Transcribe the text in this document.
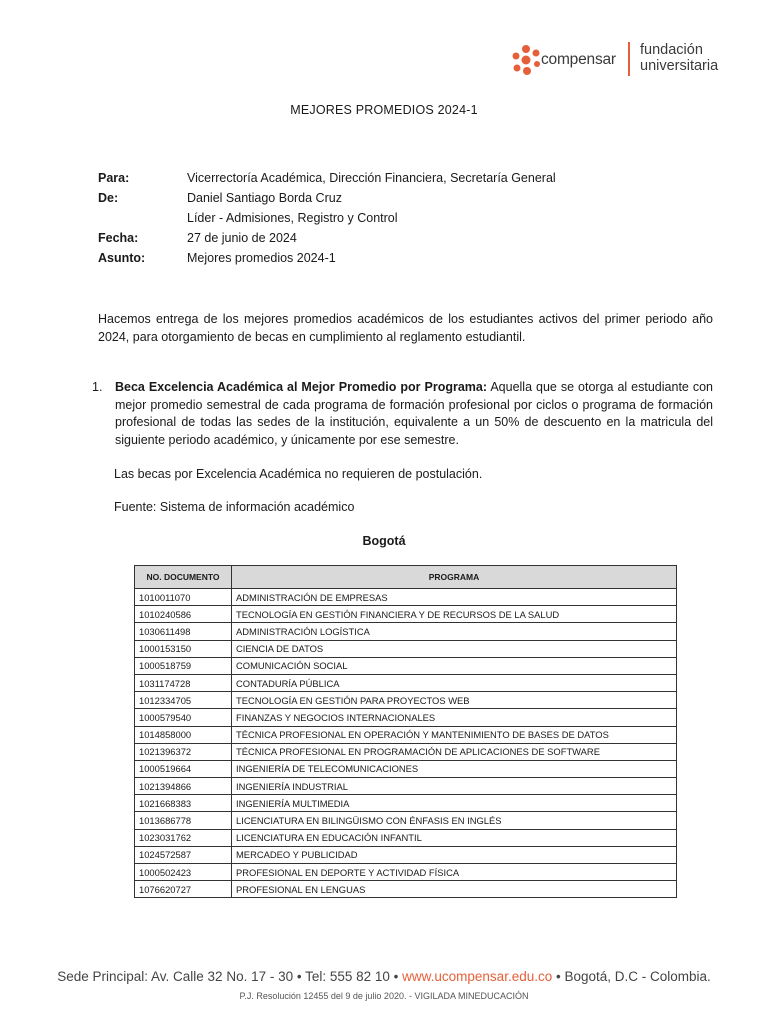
compensar
fundación
universitaria
MEJORES PROMEDIOS 2024-1
Para:	Vicerrectoría Académica, Dirección Financiera, Secretaría General
De:	Daniel Santiago Borda Cruz
Líder - Admisiones, Registro y Control
Fecha:	27 de junio de 2024
Asunto:	Mejores promedios 2024-1
Hacemos entrega de los mejores promedios académicos de los estudiantes activos del primer periodo año 2024, para otorgamiento de becas en cumplimiento al reglamento estudiantil.
1. Beca Excelencia Académica al Mejor Promedio por Programa: Aquella que se otorga al estudiante con mejor promedio semestral de cada programa de formación profesional por ciclos o programa de formación profesional de todas las sedes de la institución, equivalente a un 50% de descuento en la matricula del siguiente periodo académico, y únicamente por ese semestre.
Las becas por Excelencia Académica no requieren de postulación.
Fuente: Sistema de información académico
Bogotá
NO. DOCUMENTO	PROGRAMA
1010011070	ADMINISTRACIÓN DE EMPRESAS
1010240586	TECNOLOGÍA EN GESTIÓN FINANCIERA Y DE RECURSOS DE LA SALUD
1030611498	ADMINISTRACIÓN LOGÍSTICA
1000153150	CIENCIA DE DATOS
1000518759	COMUNICACIÓN SOCIAL
1031174728	CONTADURÍA PÚBLICA
1012334705	TECNOLOGÍA EN GESTIÓN PARA PROYECTOS WEB
1000579540	FINANZAS Y NEGOCIOS INTERNACIONALES
1014858000	TÉCNICA PROFESIONAL EN OPERACIÓN Y MANTENIMIENTO DE BASES DE DATOS
1021396372	TÉCNICA PROFESIONAL EN PROGRAMACIÓN DE APLICACIONES DE SOFTWARE
1000519664	INGENIERÍA DE TELECOMUNICACIONES
1021394866	INGENIERÍA INDUSTRIAL
1021668383	INGENIERÍA MULTIMEDIA
1013686778	LICENCIATURA EN BILINGÜISMO CON ÉNFASIS EN INGLÉS
1023031762	LICENCIATURA EN EDUCACIÓN INFANTIL
1024572587	MERCADEO Y PUBLICIDAD
1000502423	PROFESIONAL EN DEPORTE Y ACTIVIDAD FÍSICA
1076620727	PROFESIONAL EN LENGUAS
Sede Principal: Av. Calle 32 No. 17 - 30 • Tel: 555 82 10 • www.ucompensar.edu.co • Bogotá, D.C - Colombia.
P.J. Resolución 12455 del 9 de julio 2020. - VIGILADA MINEDUCACIÓN
